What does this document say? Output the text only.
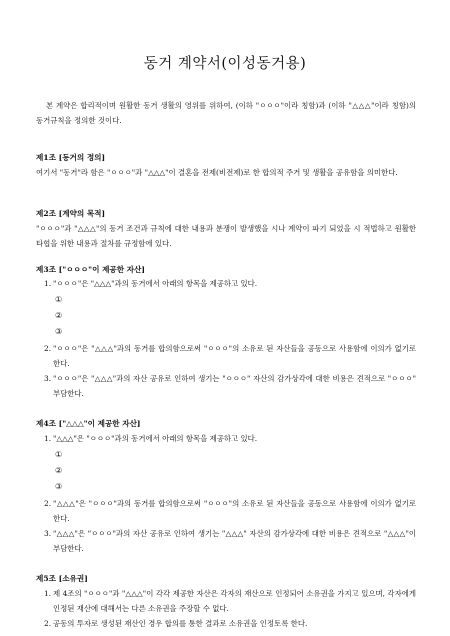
동거 계약서(이성동거용)
본 계약은 합리적이며 원활한 동거 생활의 영위를 위하여, (이하 "ㅇㅇㅇ"이라 칭함)과 (이하 "△△△"이라 칭함)의 동거규칙을 정의한 것이다.
제1조 [동거의 정의]
여기서 "동거"라 함은 "ㅇㅇㅇ"과 "△△△"이 결혼을 전제(비전제)로 한 합의적 주거 및 생활을 공유함을 의미한다.
제2조 [계약의 목적]
"ㅇㅇㅇ"과 "△△△"의 동거 조건과 규칙에 대한 내용과 분쟁이 발생했을 시나 계약이 파기 되었을 시 적법하고 원활한 타협을 위한 내용과 절차를 규정함에 있다.
제3조 ["ㅇㅇㅇ"이 제공한 자산]
1. "ㅇㅇㅇ"은 "△△△"과의 동거에서 아래의 항목을 제공하고 있다.
①
②
③
2. "ㅇㅇㅇ"은 "△△△"과의 동거를 합의함으로써 "ㅇㅇㅇ"의 소유로 된 자산들을 공동으로 사용함에 이의가 없기로 한다.
3. "ㅇㅇㅇ"은 "△△△"과의 자산 공유로 인하여 생기는 "ㅇㅇㅇ" 자산의 감가상각에 대한 비용은 견적으로 "ㅇㅇㅇ" 부담한다.
제4조 ["△△△"이 제공한 자산]
1. "△△△"은 "ㅇㅇㅇ"과의 동거에서 아래의 항목을 제공하고 있다.
①
②
③
2. "△△△"은 "ㅇㅇㅇ"과의 동거를 합의함으로써 "ㅇㅇㅇ"의 소유로 된 자산들을 공동으로 사용함에 이의가 없기로 한다.
3. "△△△"은 "ㅇㅇㅇ"과의 자산 공유로 인하여 생기는 "△△△" 자산의 감가상각에 대한 비용은 견적으로 "△△△"이 부담한다.
제5조 [소유권]
1. 제 4조의 "ㅇㅇㅇ"과 "△△△"이 각각 제공한 자산은 각자의 재산으로 인정되어 소유권을 가지고 있으며, 각자에게 인정된 재산에 대해서는 다른 소유권을 주장할 수 없다.
2. 공동의 투자로 생성된 재산인 경우 합의를 통한 결과로 소유권을 인정토록 한다.
